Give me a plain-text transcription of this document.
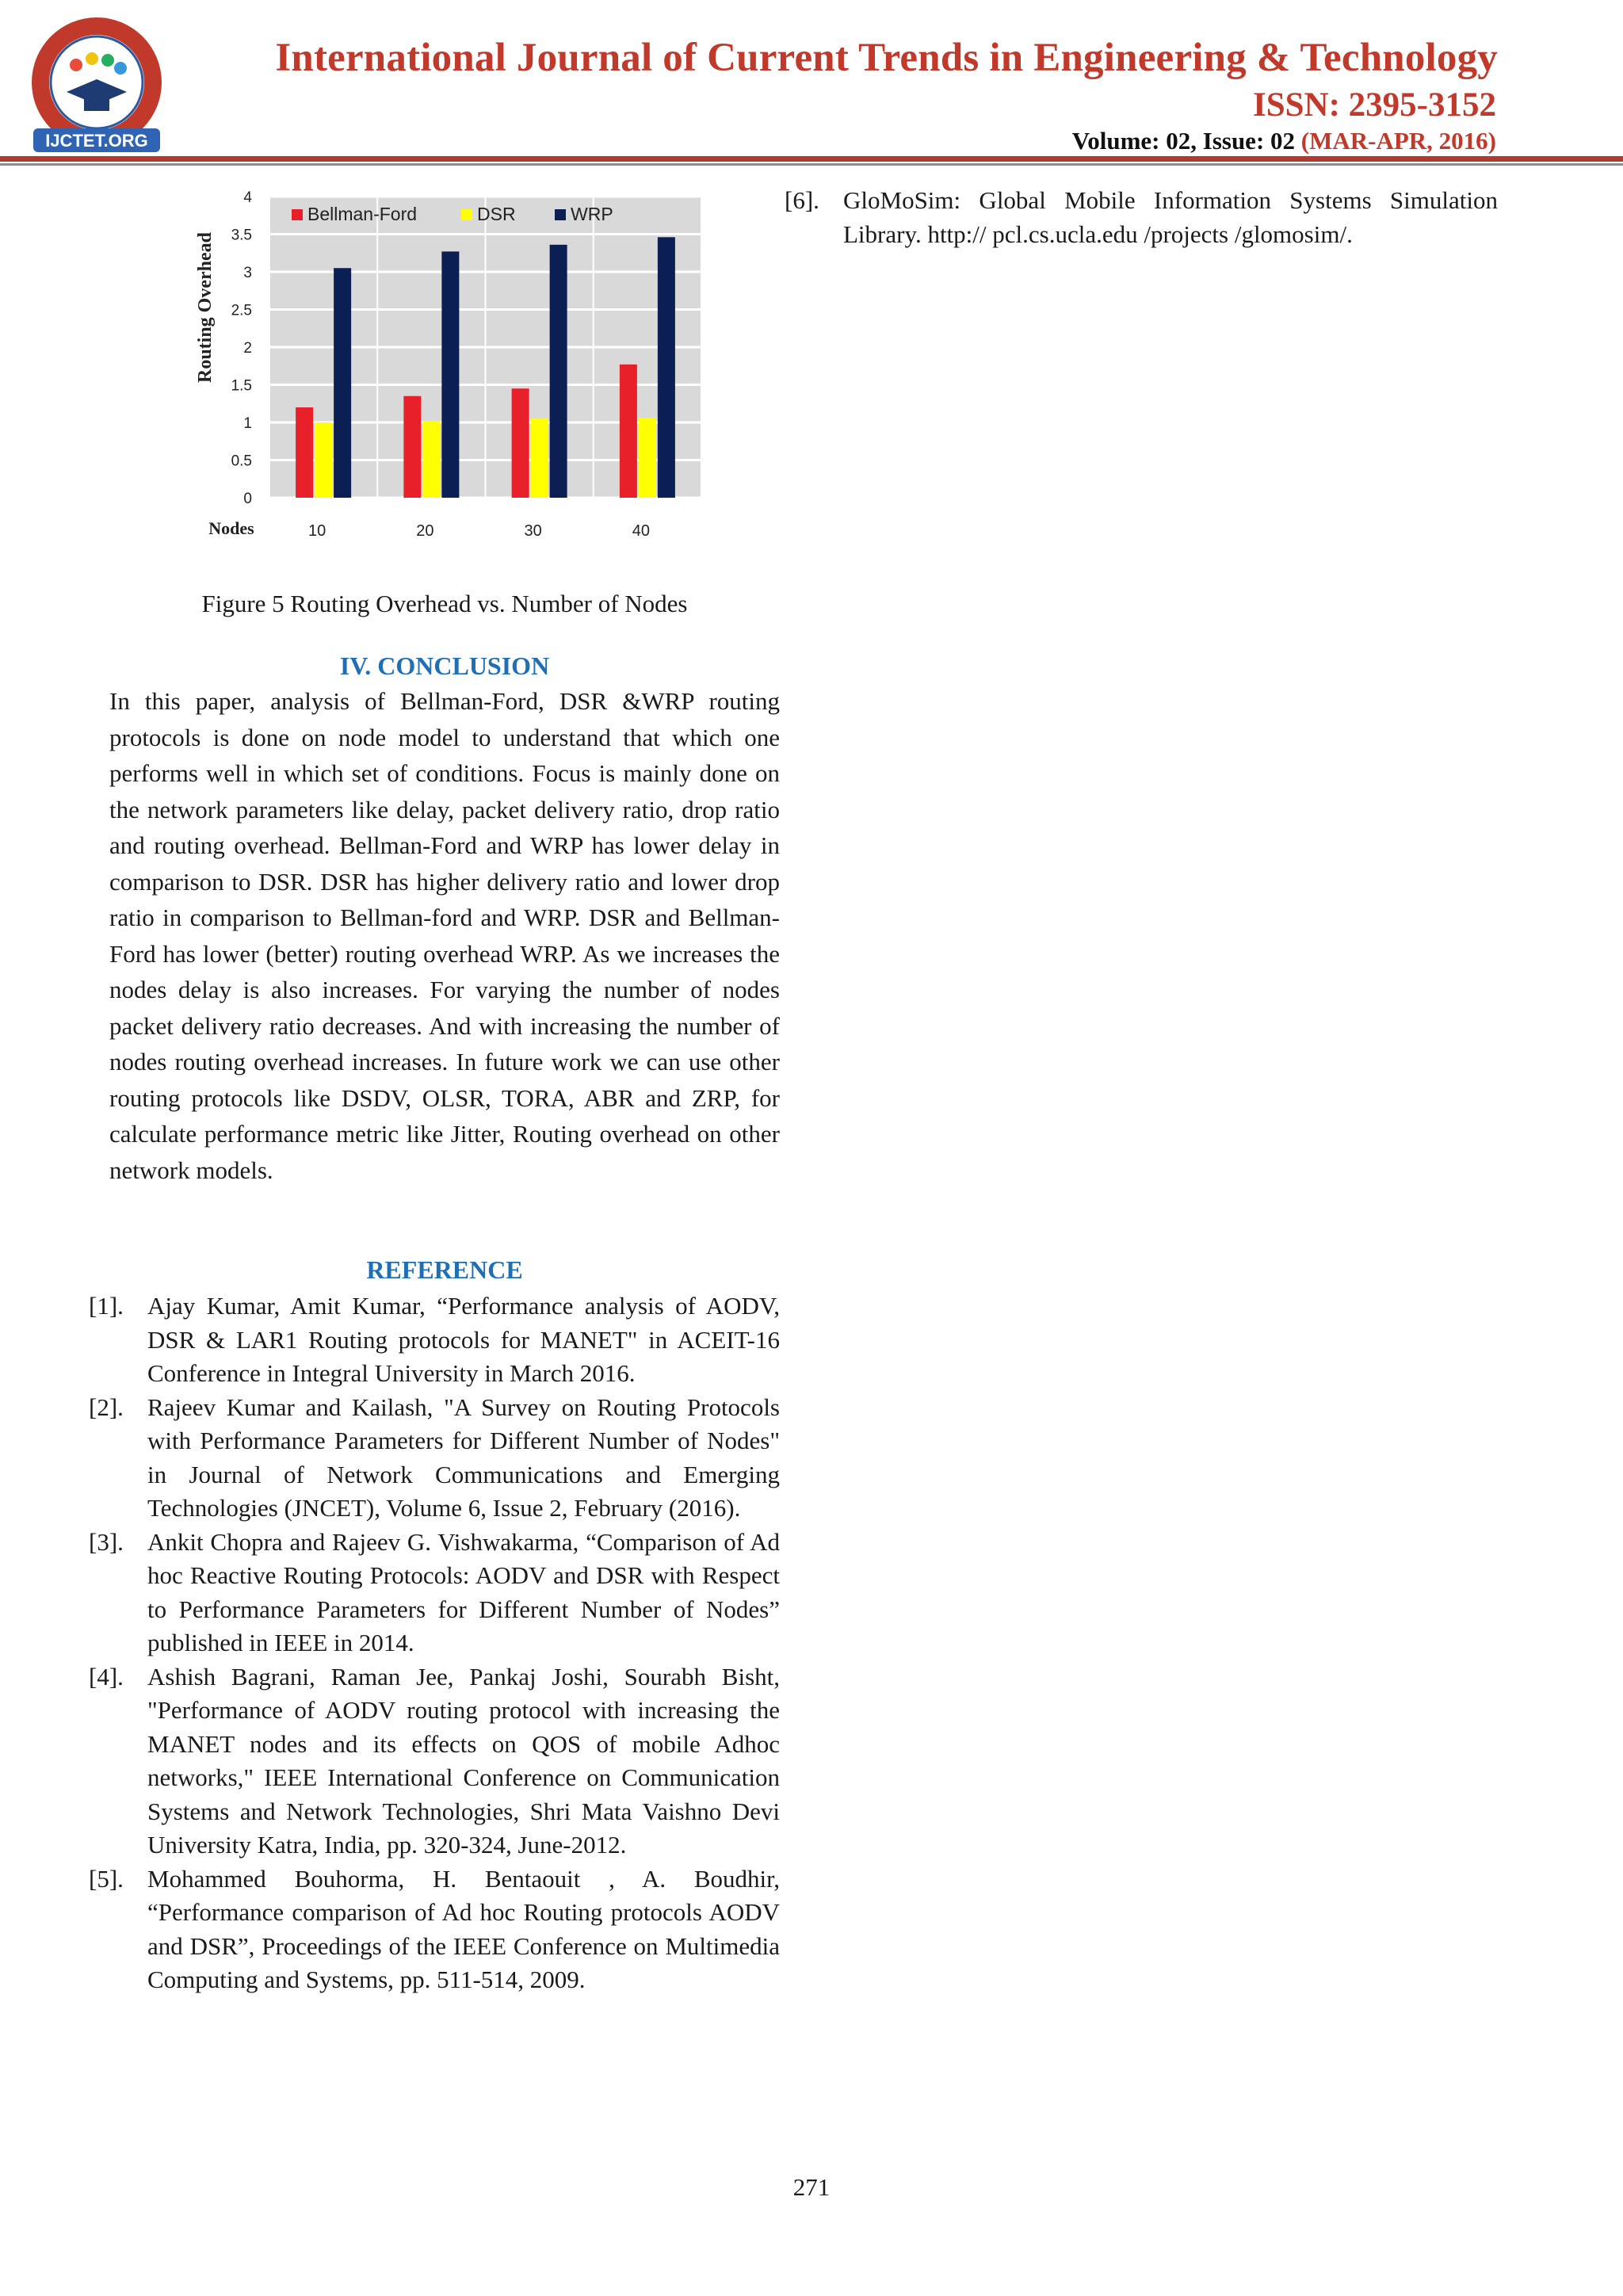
IJCTET.ORG
International Journal of Current Trends in Engineering & Technology
ISSN: 2395-3152
Volume: 02, Issue: 02 (MAR-APR, 2016)
0
0.5
1
1.5
2
2.5
3
3.5
4
10	20	30	40
Nodes
Routing Overhead
Bellman-Ford	DSR	WRP
Figure 5 Routing Overhead vs. Number of Nodes

IV. CONCLUSION

In this paper, analysis of Bellman-Ford, DSR &WRP routing protocols is done on node model to understand that which one performs well in which set of conditions. Focus is mainly done on the network parameters like delay, packet delivery ratio, drop ratio and routing overhead. Bellman-Ford and WRP has lower delay in comparison to DSR. DSR has higher delivery ratio and lower drop ratio in comparison to Bellman-ford and WRP. DSR and Bellman-Ford has lower (better) routing overhead WRP. As we increases the nodes delay is also increases. For varying the number of nodes packet delivery ratio decreases. And with increasing the number of nodes routing overhead increases. In future work we can use other routing protocols like DSDV, OLSR, TORA, ABR and ZRP, for calculate performance metric like Jitter, Routing overhead on other network models.

REFERENCE

[1]. Ajay Kumar, Amit Kumar, “Performance analysis of AODV, DSR & LAR1 Routing protocols for MANET" in ACEIT-16 Conference in Integral University in March 2016.
[2]. Rajeev Kumar and Kailash, "A Survey on Routing Protocols with Performance Parameters for Different Number of Nodes" in Journal of Network Communications and Emerging Technologies (JNCET), Volume 6, Issue 2, February (2016).
[3]. Ankit Chopra and Rajeev G. Vishwakarma, “Comparison of Ad hoc Reactive Routing Protocols: AODV and DSR with Respect to Performance Parameters for Different Number of Nodes” published in IEEE in 2014.
[4]. Ashish Bagrani, Raman Jee, Pankaj Joshi, Sourabh Bisht, "Performance of AODV routing protocol with increasing the MANET nodes and its effects on QOS of mobile Adhoc networks," IEEE International Conference on Communication Systems and Network Technologies, Shri Mata Vaishno Devi University Katra, India, pp. 320-324, June-2012.
[5]. Mohammed Bouhorma, H. Bentaouit , A. Boudhir, “Performance comparison of Ad hoc Routing protocols AODV and DSR”, Proceedings of the IEEE Conference on Multimedia Computing and Systems, pp. 511-514, 2009.
[6]. GloMoSim: Global Mobile Information Systems Simulation Library. http:// pcl.cs.ucla.edu /projects /glomosim/.
271
